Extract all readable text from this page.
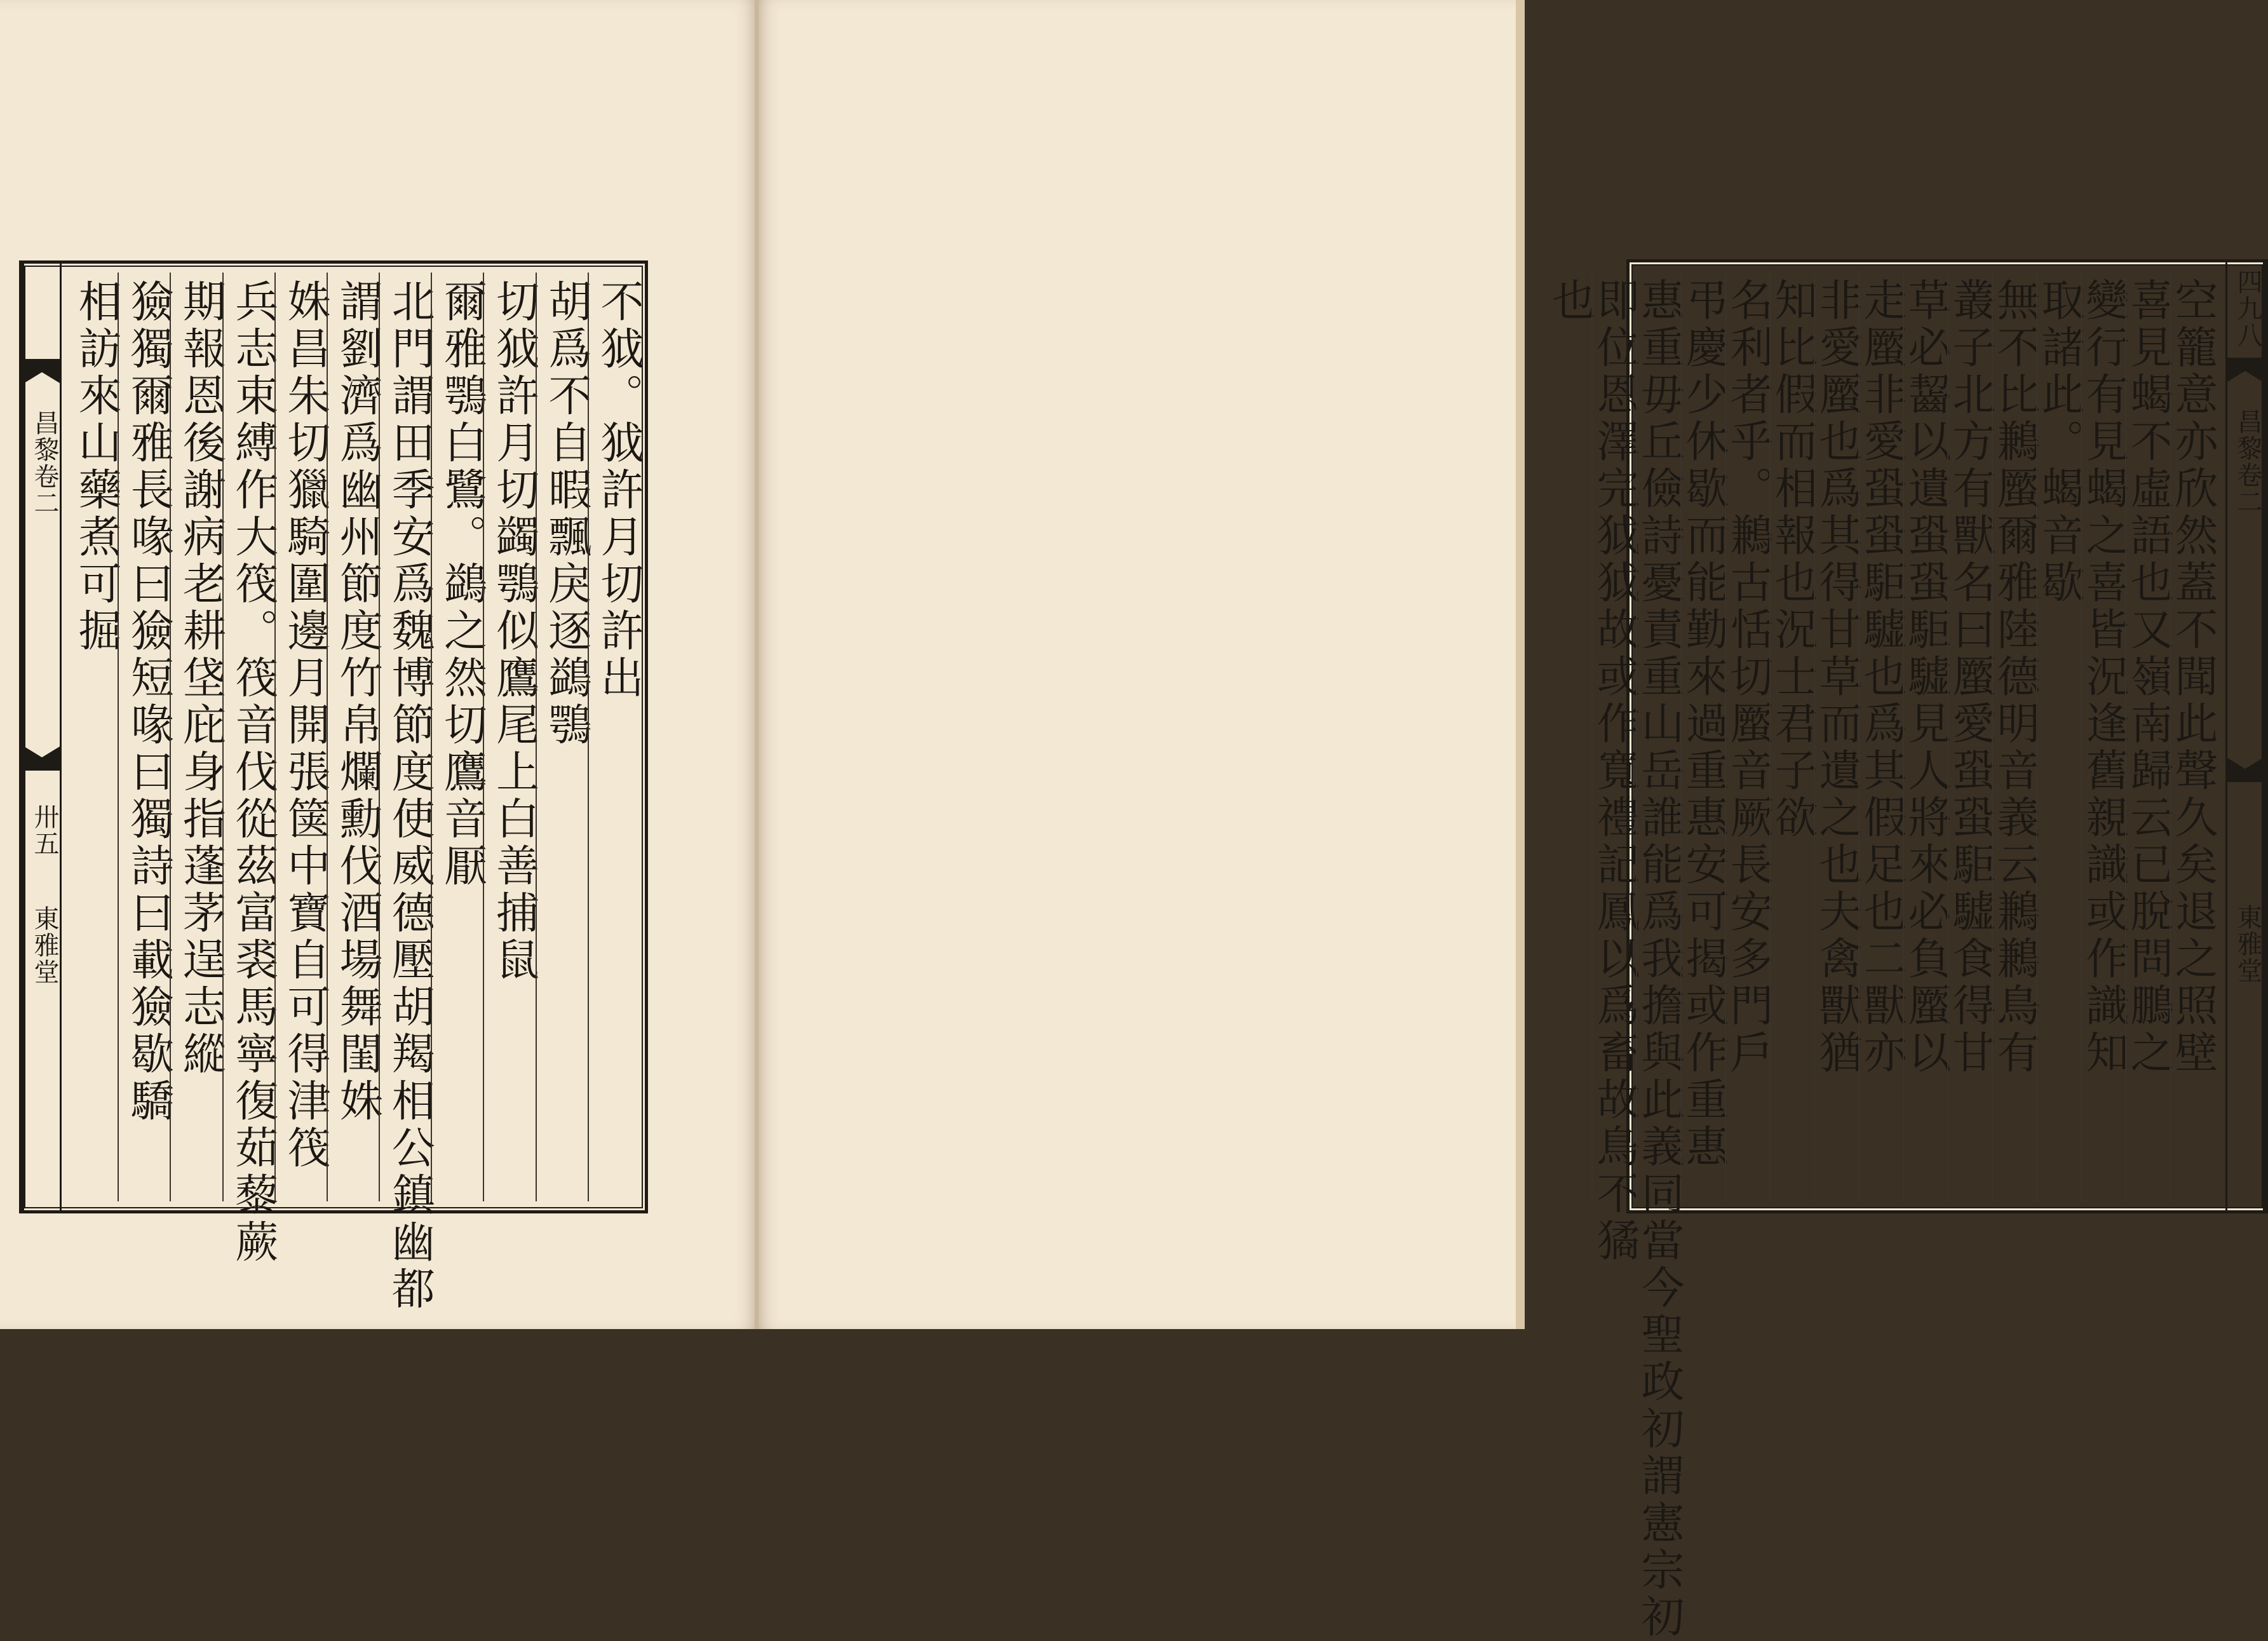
昌黎卷二
卅五
東雅堂
不狘。狘許月切許出
胡爲不自暇飄戾逐鷁鶚
切狘許月切蠲鶚似鷹尾上白善捕鼠
爾雅鶚白鷺。鷁之然切鷹音厭
北門謂田季安爲魏博節度使威德壓胡羯相公鎮幽都
謂劉濟爲幽州節度竹帛爛勳伐酒場舞閨姝
姝昌朱切獵騎圍邊月開張箧中寶自可得津筏
兵志束縛作大筏。筏音伐從茲富裘馬寧復茹藜蕨
期報恩後謝病老耕垡庇身指蓬茅逞志縱
獫獨爾雅長喙曰獫短喙曰獨詩曰載獫歇驕
相訪來山藥煮可掘	空籠意亦欣然蓋不聞此聲久矣退之照壁
喜見蝎不虛語也又嶺南歸云已脫問鵬之
變行有見蝎之喜皆況逢舊親識或作識知
取諸此。蝎音歇
無不比鶼蟨爾雅陸德明音義云鶼鶼鳥有
叢子北方有獸名曰蟨愛蛩蛩駏驉食得甘
草必齧以遺蛩蛩駏驉見人將來必負蟨以
走蟨非愛蛩蛩駏驉也爲其假足也二獸亦
非愛蟨也爲其得甘草而遺之也夫禽獸猶
知比假而相報也況士君子欲
名利者乎。鶼古恬切蟨音厥長安多門戶
弔慶少休歇而能勤來過重惠安可揭或作重惠
惠重毋丘儉詩憂責重山岳誰能爲我擔與此義同當今聖政初謂憲宗初
即位恩澤完狘狘故或作寬禮記鳳以爲畜故鳥不獝
也	四九八
昌黎卷二
東雅堂
